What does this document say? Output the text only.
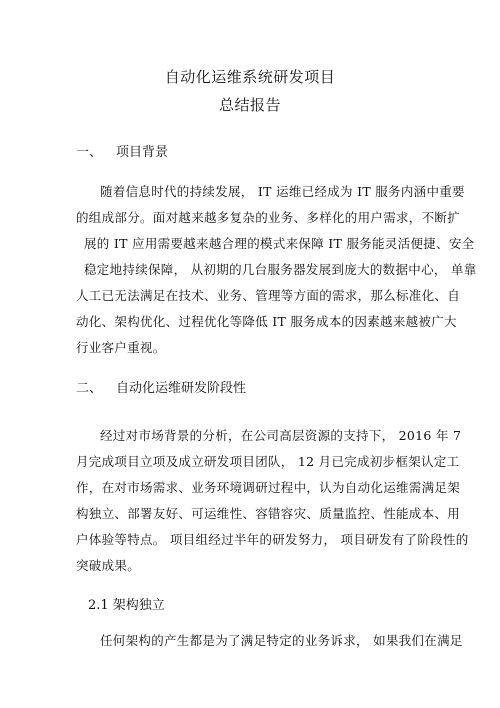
自动化运维系统研发项目
总结报告
一、 项目背景
随着信息时代的持续发展， IT 运维已经成为 IT 服务内涵中重要
的组成部分。面对越来越多复杂的业务、多样化的用户需求，不断扩
展的 IT 应用需要越来越合理的模式来保障 IT 服务能灵活便捷、安全
稳定地持续保障， 从初期的几台服务器发展到庞大的数据中心， 单靠
人工已无法满足在技术、业务、管理等方面的需求，那么标准化、自
动化、架构优化、过程优化等降低 IT 服务成本的因素越来越被广大
行业客户重视。
二、 自动化运维研发阶段性
经过对市场背景的分析，在公司高层资源的支持下， 2016 年 7
月完成项目立项及成立研发项目团队， 12 月已完成初步框架认定工
作，在对市场需求、业务环境调研过程中，认为自动化运维需满足架
构独立、部署友好、可运维性、容错容灾、质量监控、性能成本、用
户体验等特点。 项目组经过半年的研发努力， 项目研发有了阶段性的
突破成果。
2.1 架构独立
任何架构的产生都是为了满足特定的业务诉求， 如果我们在满足
